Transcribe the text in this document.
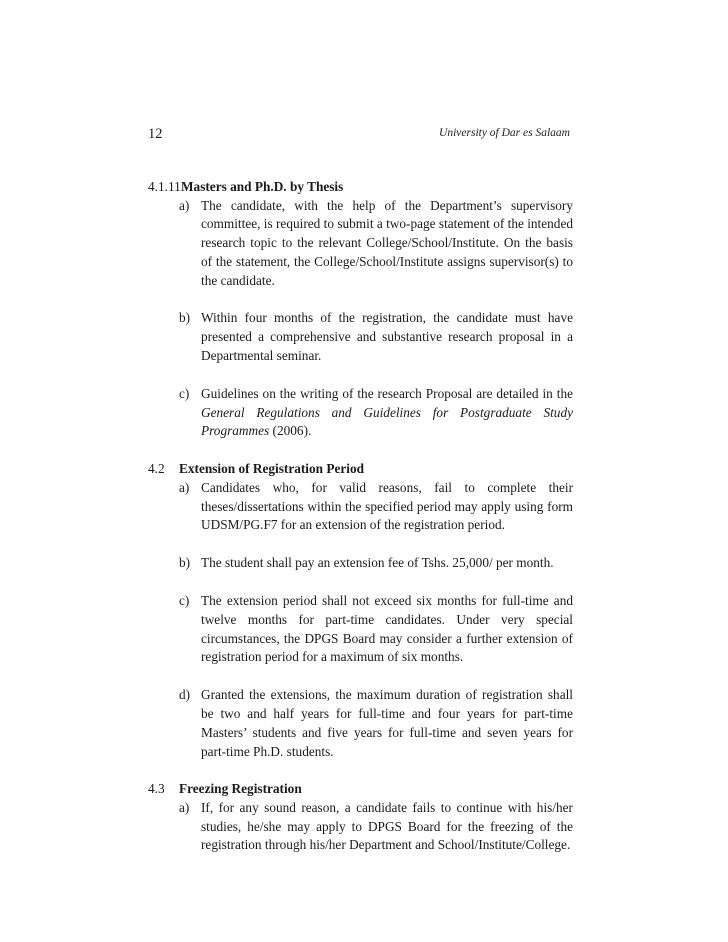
12	University of Dar es Salaam
4.1.11 Masters and Ph.D. by Thesis
a) The candidate, with the help of the Department’s supervisory committee, is required to submit a two-page statement of the intended research topic to the relevant College/School/Institute. On the basis of the statement, the College/School/Institute assigns supervisor(s) to the candidate.
b) Within four months of the registration, the candidate must have presented a comprehensive and substantive research proposal in a Departmental seminar.
c) Guidelines on the writing of the research Proposal are detailed in the General Regulations and Guidelines for Postgraduate Study Programmes (2006).
4.2 Extension of Registration Period
a) Candidates who, for valid reasons, fail to complete their theses/dissertations within the specified period may apply using form UDSM/PG.F7 for an extension of the registration period.
b) The student shall pay an extension fee of Tshs. 25,000/ per month.
c) The extension period shall not exceed six months for full-time and twelve months for part-time candidates. Under very special circumstances, the DPGS Board may consider a further extension of registration period for a maximum of six months.
d) Granted the extensions, the maximum duration of registration shall be two and half years for full-time and four years for part-time Masters’ students and five years for full-time and seven years for part-time Ph.D. students.
4.3 Freezing Registration
a) If, for any sound reason, a candidate fails to continue with his/her studies, he/she may apply to DPGS Board for the freezing of the registration through his/her Department and School/Institute/College.
